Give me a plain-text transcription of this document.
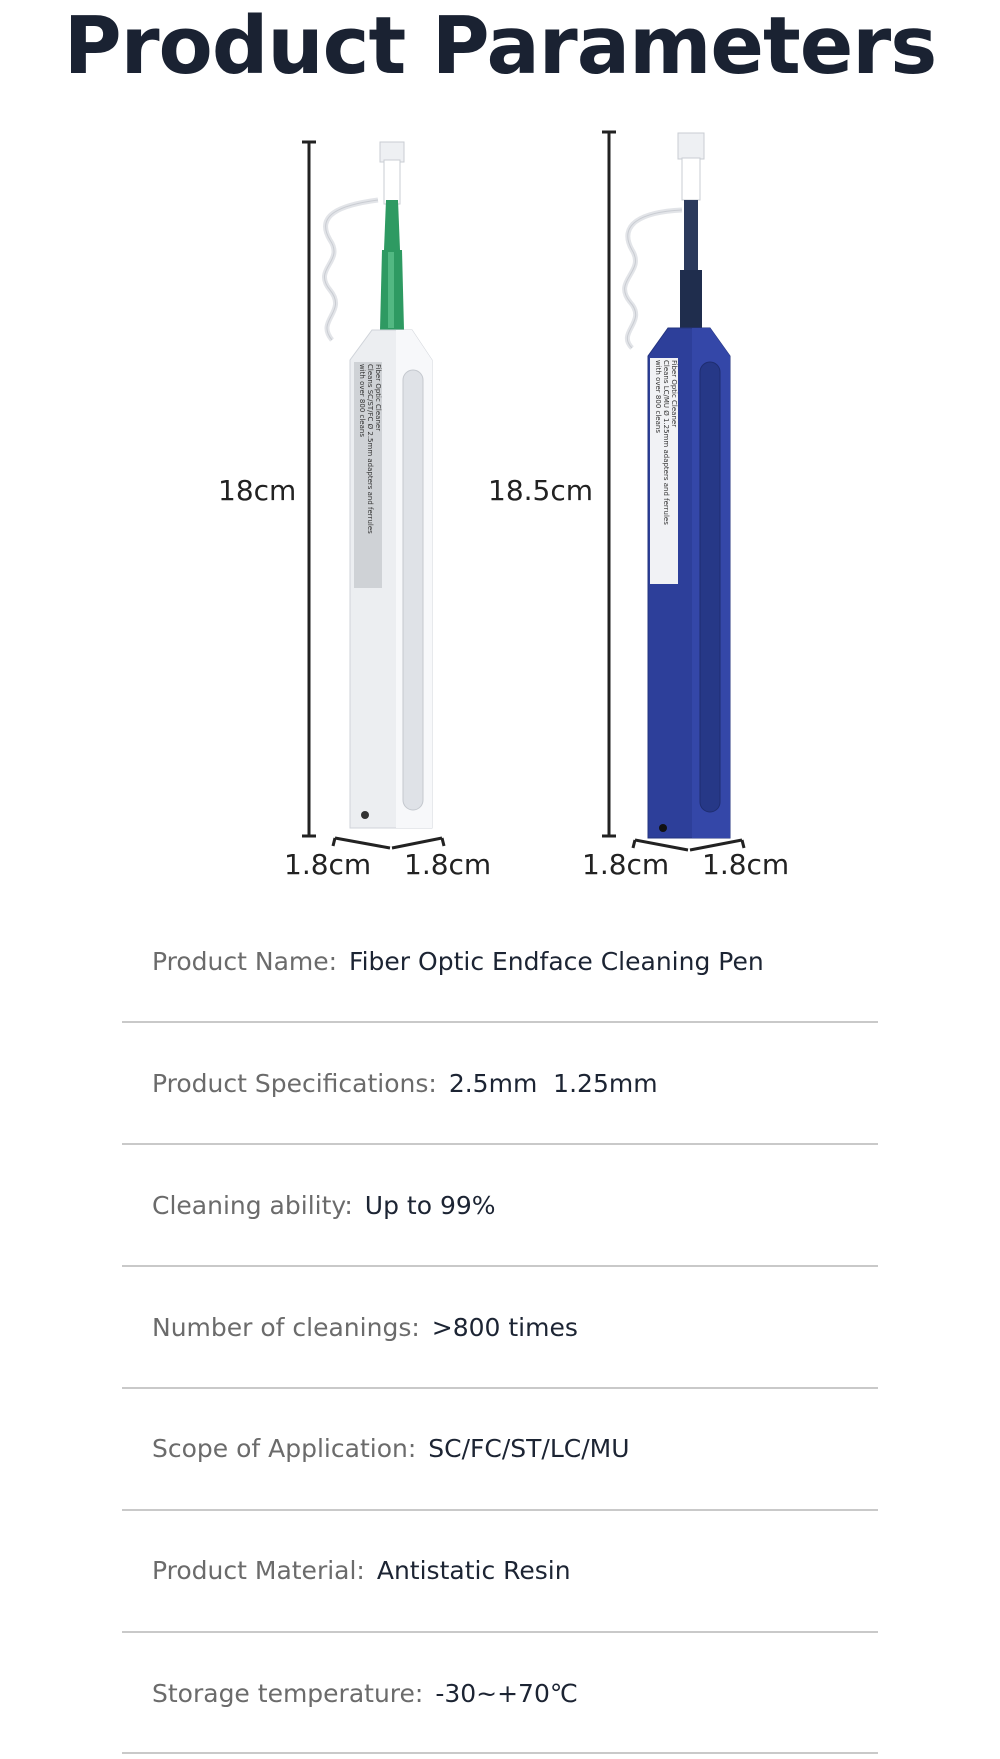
Product Parameters
Fiber Optic Cleaner
Cleans SC/ST/FC Ø 2.5mm adapters and ferrules
with over 800 cleans	Fiber Optic Cleaner
Cleans LC/MU Ø 1.25mm adapters and ferrules
with over 800 cleans
18cm
1.8cm 1.8cm
18.5cm
1.8cm 1.8cm
Product Name: Fiber Optic Endface Cleaning Pen
Product Specifications: 2.5mm  1.25mm
Cleaning ability: Up to 99%
Number of cleanings: >800 times
Scope of Application: SC/FC/ST/LC/MU
Product Material: Antistatic Resin
Storage temperature: -30~+70℃
